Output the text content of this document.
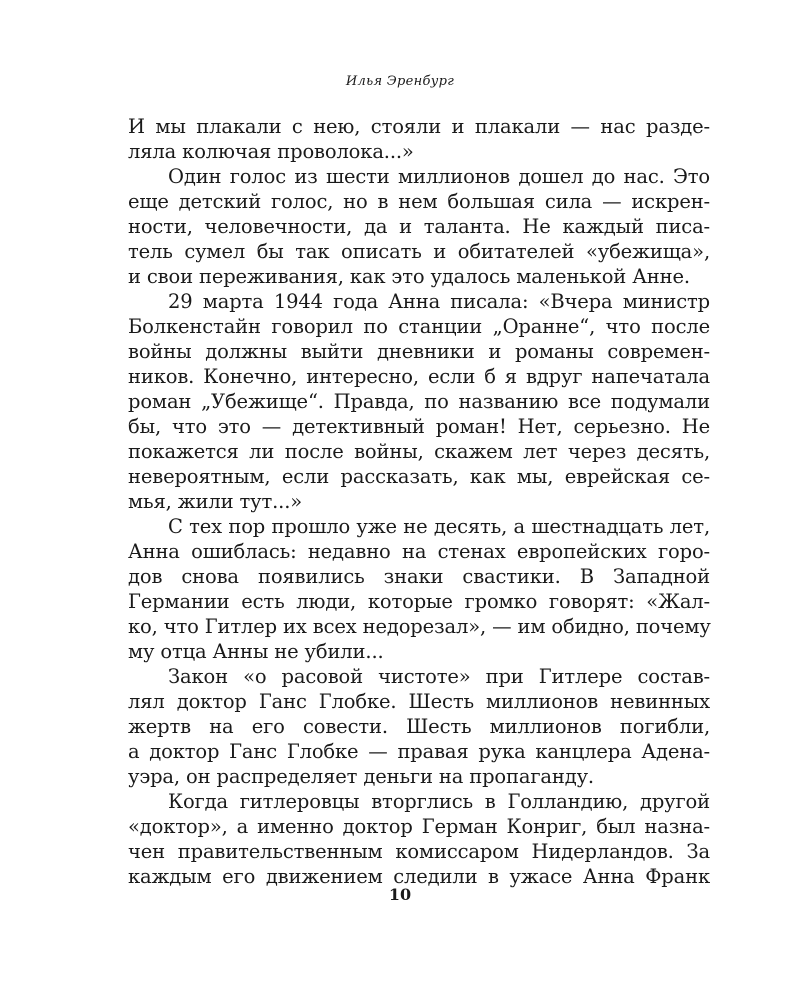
Илья Эренбург
И мы плакали с нею, стояли и плакали — нас разде-
ляла колючая проволока...»
Один голос из шести миллионов дошел до нас. Это
еще детский голос, но в нем большая сила — искрен-
ности, человечности, да и таланта. Не каждый писа-
тель сумел бы так описать и обитателей «убежища»,
и свои переживания, как это удалось маленькой Анне.
29 марта 1944 года Анна писала: «Вчера министр
Болкенстайн говорил по станции „Оранне“, что после
войны должны выйти дневники и романы современ-
ников. Конечно, интересно, если б я вдруг напечатала
роман „Убежище“. Правда, по названию все подумали
бы, что это — детективный роман! Нет, серьезно. Не
покажется ли после войны, скажем лет через десять,
невероятным, если рассказать, как мы, еврейская се-
мья, жили тут...»
С тех пор прошло уже не десять, а шестнадцать лет,
Анна ошиблась: недавно на стенах европейских горо-
дов снова появились знаки свастики. В Западной
Германии есть люди, которые громко говорят: «Жал-
ко, что Гитлер их всех недорезал», — им обидно, почему
му отца Анны не убили...
Закон «о расовой чистоте» при Гитлере состав-
лял доктор Ганс Глобке. Шесть миллионов невинных
жертв на его совести. Шесть миллионов погибли,
а доктор Ганс Глобке — правая рука канцлера Адена-
уэра, он распределяет деньги на пропаганду.
Когда гитлеровцы вторглись в Голландию, другой
«доктор», а именно доктор Герман Конриг, был назна-
чен правительственным комиссаром Нидерландов. За
каждым его движением следили в ужасе Анна Франк
10
